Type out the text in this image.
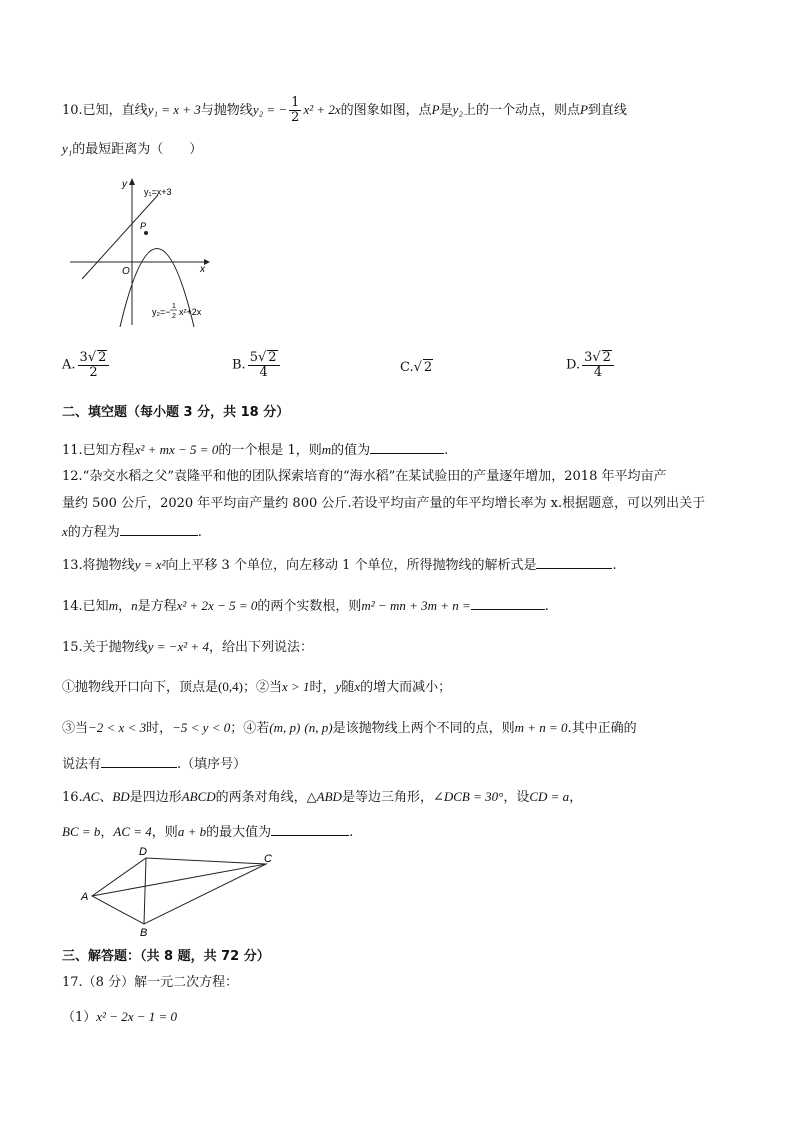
10.已知，直线y₁ = x + 3与抛物线y₂ = − $\frac{1}{2} x^2 + 2x$的图象如图，点P是y₂上的一个动点，则点P到直线
y₁的最短距离为（　　）
y
x
O
P
y₁=x+3
y₂=−
1
2 x²+2x
A. $\frac{3√ 2}{2}$	B. $\frac{5√ 2}{4}$	C.√ 2	D. $\frac{3√ 2}{4}$
二、填空题（每小题 3 分，共 18 分）
11.已知方程x² + mx − 5 = 0的一个根是 1，则m的值为	.
12.“杂交水稻之父”袁隆平和他的团队探索培育的“海水稻”在某试验田的产量逐年增加，2018 年平均亩产
量约 500 公斤，2020 年平均亩产量约 800 公斤.若设平均亩产量的年平均增长率为 x.根据题意，可以列出关于
x的方程为	.
13.将抛物线y = x²向上平移 3 个单位，向左移动 1 个单位，所得抛物线的解析式是	.
14.已知m，n是方程x² + 2x − 5 = 0的两个实数根，则m² − mn + 3m + n =	.
15.关于抛物线y = −x² + 4，给出下列说法：
①抛物线开口向下，顶点是(0,4)；②当x > 1时，y随x的增大而减小；
③当−2 < x < 3时，−5 < y < 0；④若(m, p) (n, p)是该抛物线上两个不同的点，则m + n = 0.其中正确的
说法有	.（填序号）
16.AC、BD是四边形ABCD的两条对角线，△ABD是等边三角形，∠DCB = 30°，设CD = a，
BC = b，AC = 4，则a + b的最大值为	.
A
D
C
B
三、解答题：（共 8 题，共 72 分）
17.（8 分）解一元二次方程：
（1）x² − 2x − 1 = 0
